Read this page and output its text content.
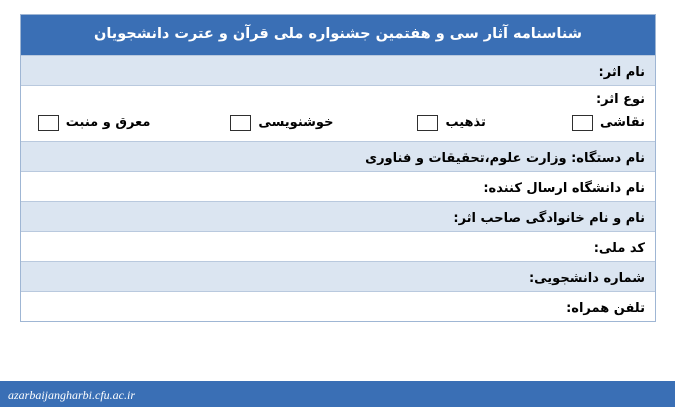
شناسنامه آثار سی و هفتمین جشنواره ملی قرآن و عترت دانشجویان
نام اثر:
نوع اثر:
نقاشی
تذهیب
خوشنویسی
معرق و منبت
نام دستگاه: وزارت علوم،تحقیقات و فناوری
نام دانشگاه ارسال کننده:
نام و نام خانوادگی صاحب اثر:
کد ملی:
شماره دانشجویی:
تلفن همراه:
azarbaijangharbi.cfu.ac.ir
